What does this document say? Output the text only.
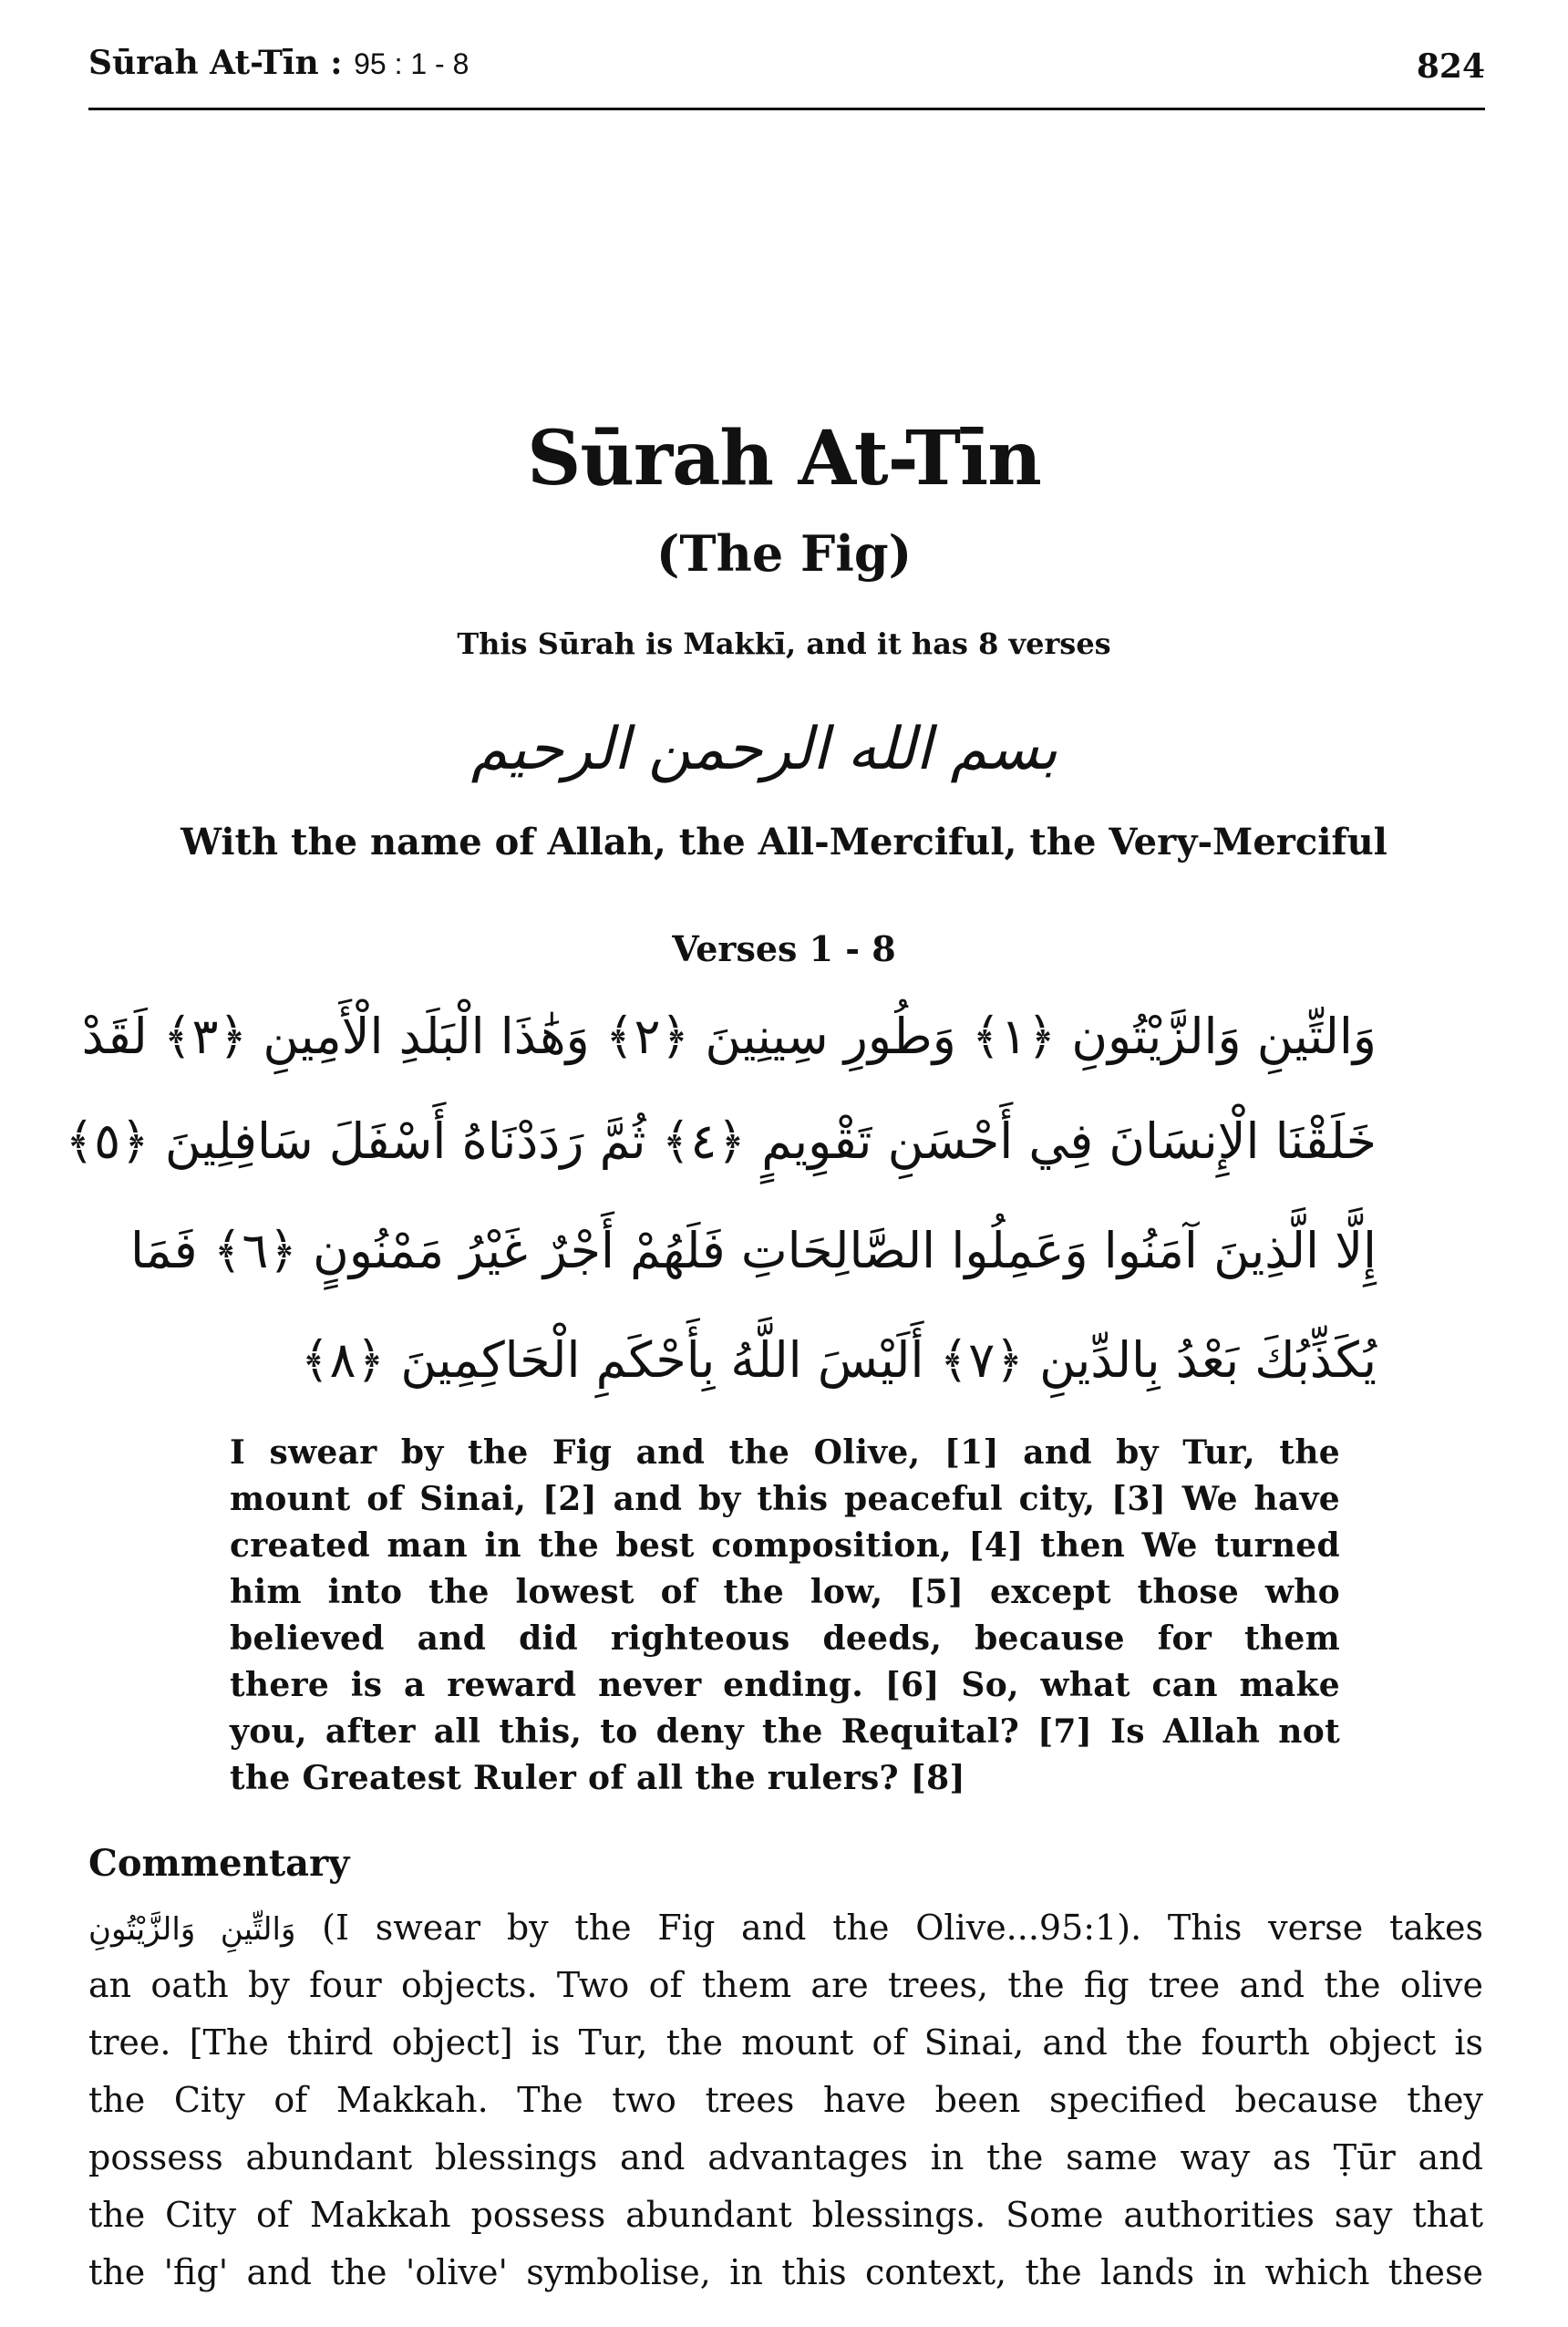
Sūrah At-Tīn : 95 : 1 - 8	824
Sūrah At-Tīn
(The Fig)
This Sūrah is Makkī, and it has 8 verses
بسم الله الرحمن الرحيم
With the name of Allah, the All-Merciful, the Very-Merciful
Verses 1 - 8
وَالتِّينِ وَالزَّيْتُونِ ﴿١﴾ وَطُورِ سِينِينَ ﴿٢﴾ وَهَٰذَا الْبَلَدِ الْأَمِينِ ﴿٣﴾ لَقَدْ
خَلَقْنَا الْإِنسَانَ فِي أَحْسَنِ تَقْوِيمٍ ﴿٤﴾ ثُمَّ رَدَدْنَاهُ أَسْفَلَ سَافِلِينَ ﴿٥﴾
إِلَّا الَّذِينَ آمَنُوا وَعَمِلُوا الصَّالِحَاتِ فَلَهُمْ أَجْرٌ غَيْرُ مَمْنُونٍ ﴿٦﴾ فَمَا
يُكَذِّبُكَ بَعْدُ بِالدِّينِ ﴿٧﴾ أَلَيْسَ اللَّهُ بِأَحْكَمِ الْحَاكِمِينَ ﴿٨﴾
I swear by the Fig and the Olive, [1] and by Tur, the
mount of Sinai, [2] and by this peaceful city, [3] We have
created man in the best composition, [4] then We turned
him into the lowest of the low, [5] except those who
believed and did righteous deeds, because for them
there is a reward never ending. [6] So, what can make
you, after all this, to deny the Requital? [7] Is Allah not
the Greatest Ruler of all the rulers? [8]
Commentary
وَالتِّينِ وَالزَّيْتُونِ (I swear by the Fig and the Olive...95:1). This verse takes
an oath by four objects. Two of them are trees, the fig tree and the olive
tree. [The third object] is Tur, the mount of Sinai, and the fourth object is
the City of Makkah. The two trees have been specified because they
possess abundant blessings and advantages in the same way as Ṭūr and
the City of Makkah possess abundant blessings. Some authorities say that
the 'fig' and the 'olive' symbolise, in this context, the lands in which these
